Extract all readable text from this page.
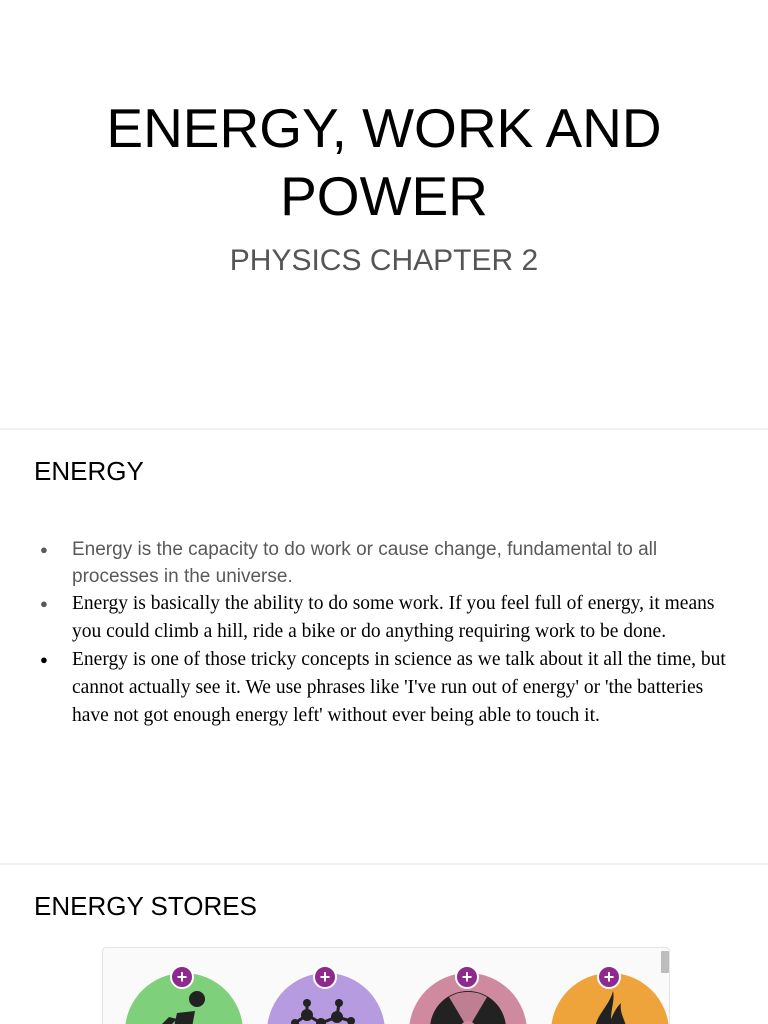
ENERGY, WORK AND
POWER
PHYSICS CHAPTER 2
ENERGY
● Energy is the capacity to do work or cause change, fundamental to all processes in the universe.
● Energy is basically the ability to do some work. If you feel full of energy, it means you could climb a hill, ride a bike or do anything requiring work to be done.
● Energy is one of those tricky concepts in science as we talk about it all the time, but cannot actually see it. We use phrases like 'I've run out of energy' or 'the batteries have not got enough energy left' without ever being able to touch it.
ENERGY STORES
+	+	+	+
